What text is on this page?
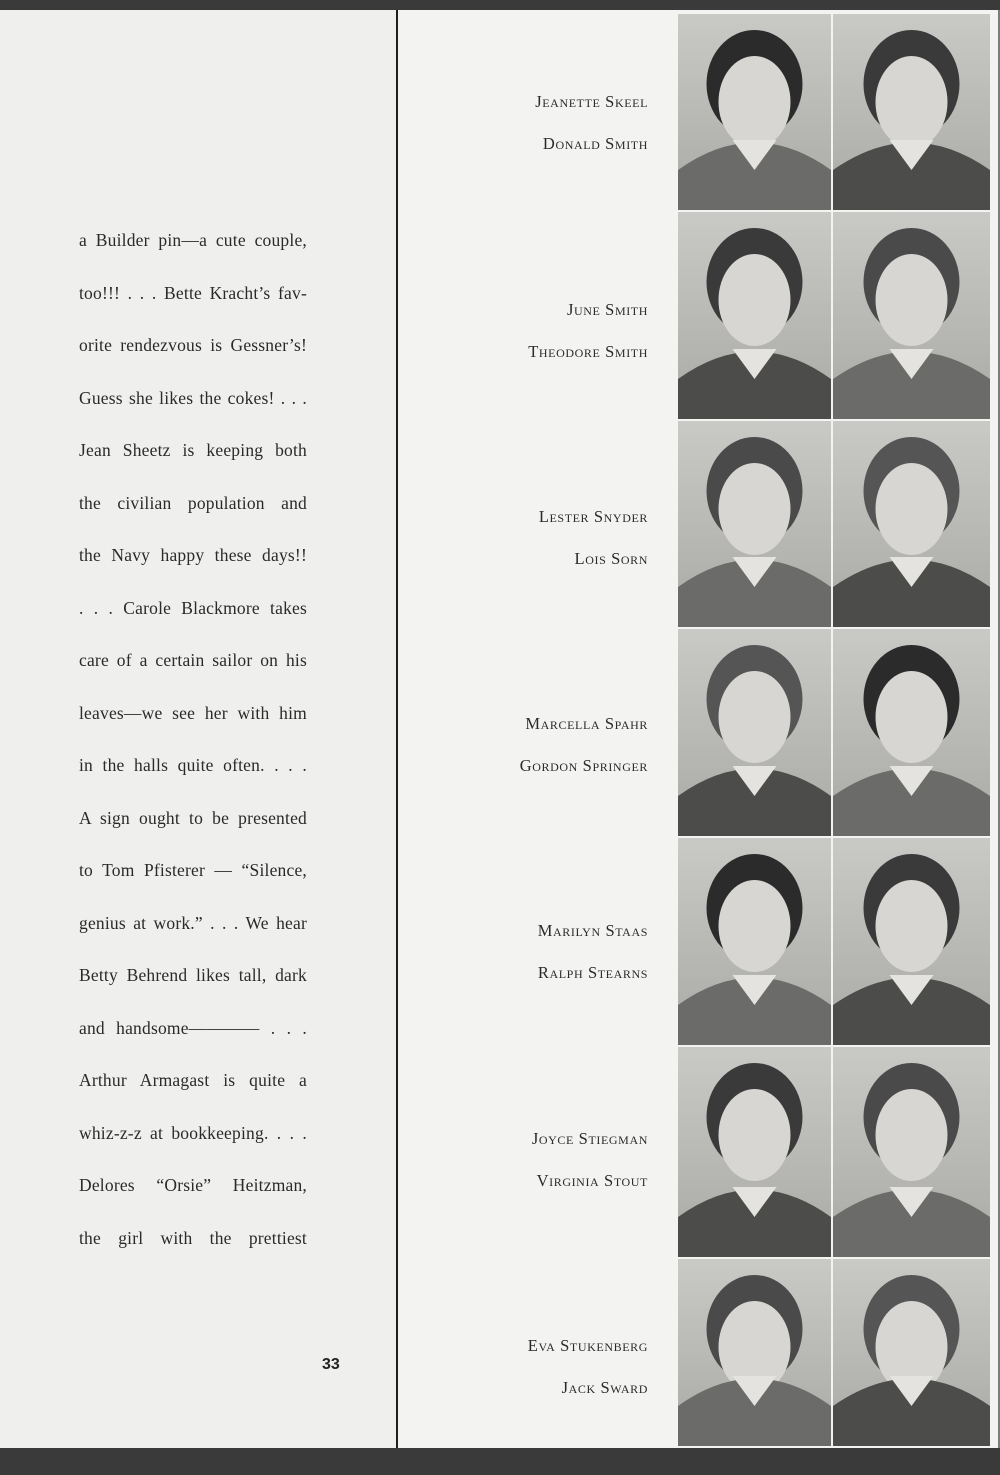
a Builder pin—a cute couple,
too!!! . . . Bette Kracht’s fav-
orite rendezvous is Gessner’s!
Guess she likes the cokes! . . .
Jean Sheetz is keeping both
the civilian population and
the Navy happy these days!!
. . . Carole Blackmore takes
care of a certain sailor on his
leaves—we see her with him
in the halls quite often. . . .
A sign ought to be presented
to Tom Pfisterer — “Silence,
genius at work.” . . . We hear
Betty Behrend likes tall, dark
and handsome———— . . .
Arthur Armagast is quite a
whiz-z-z at bookkeeping. . . .
Delores “Orsie” Heitzman,
the girl with the prettiest
33
Jeanette Skeel
Donald Smith
June Smith
Theodore Smith
Lester Snyder
Lois Sorn
Marcella Spahr
Gordon Springer
Marilyn Staas
Ralph Stearns
Joyce Stiegman
Virginia Stout
Eva Stukenberg
Jack Sward
